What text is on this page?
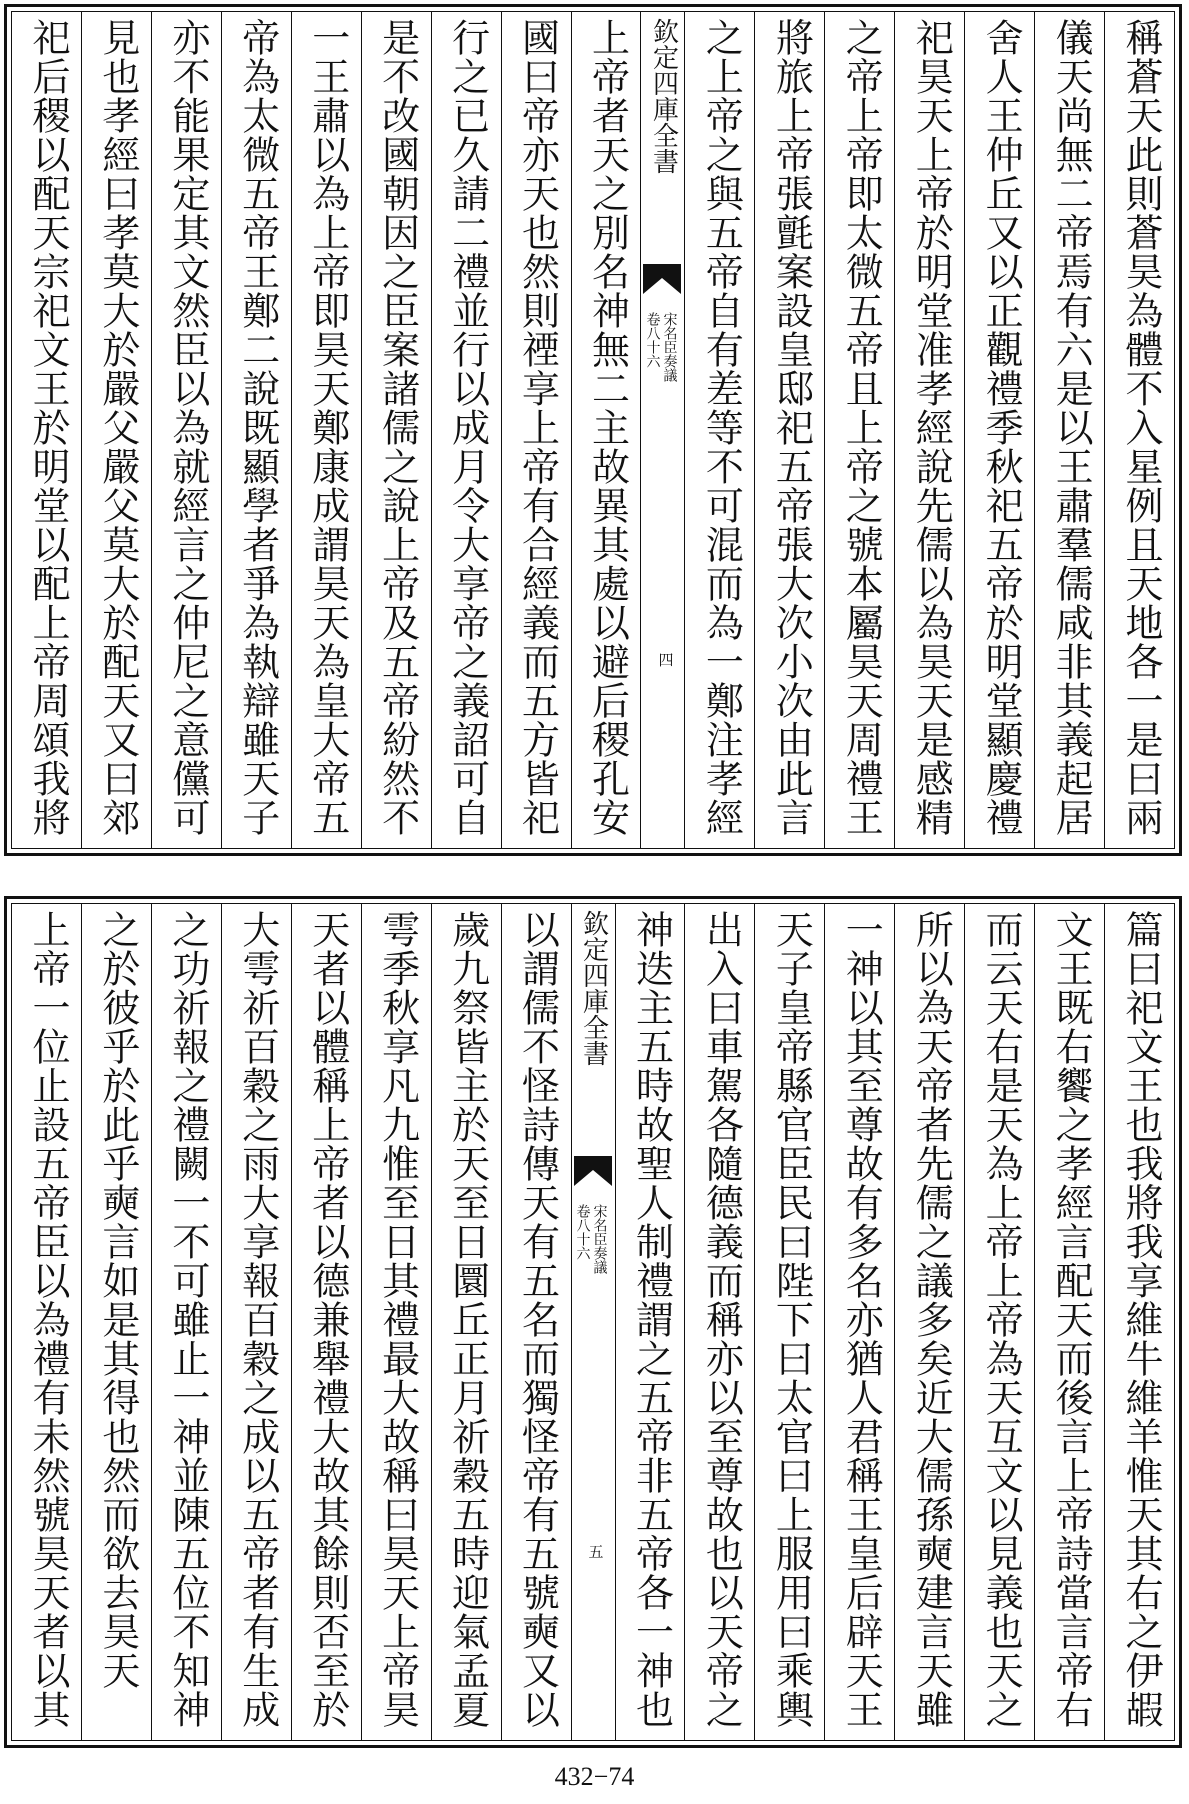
稱蒼天此則蒼昊為體不入星例且天地各一是曰兩
儀天尚無二帝焉有六是以王肅羣儒咸非其義起居
舍人王仲丘又以正觀禮季秋祀五帝於明堂顯慶禮
祀昊天上帝於明堂准孝經說先儒以為昊天是感精
之帝上帝即太微五帝且上帝之號本屬昊天周禮王
將旅上帝張氈案設皇邸祀五帝張大次小次由此言
之上帝之與五帝自有差等不可混而為一鄭注孝經
欽定四庫全書
宋名臣奏議
卷八十六
四
上帝者天之別名神無二主故異其處以避后稷孔安
國曰帝亦天也然則禋享上帝有合經義而五方皆祀
行之已久請二禮並行以成月令大享帝之義詔可自
是不改國朝因之臣案諸儒之說上帝及五帝紛然不
一王肅以為上帝即昊天鄭康成謂昊天為皇大帝五
帝為太微五帝王鄭二說既顯學者爭為執辯雖天子
亦不能果定其文然臣以為就經言之仲尼之意儻可
見也孝經曰孝莫大於嚴父嚴父莫大於配天又曰郊
祀后稷以配天宗祀文王於明堂以配上帝周頌我將
篇曰祀文王也我將我享維牛維羊惟天其右之伊嘏
文王既右饗之孝經言配天而後言上帝詩當言帝右
而云天右是天為上帝上帝為天互文以見義也天之
所以為天帝者先儒之議多矣近大儒孫奭建言天雖
一神以其至尊故有多名亦猶人君稱王皇后辟天王
天子皇帝縣官臣民曰陛下曰太官曰上服用曰乘輿
出入曰車駕各隨德義而稱亦以至尊故也以天帝之
神迭主五時故聖人制禮謂之五帝非五帝各一神也
欽定四庫全書
宋名臣奏議
卷八十六
五
以謂儒不怪詩傳天有五名而獨怪帝有五號奭又以
歲九祭皆主於天至日圜丘正月祈穀五時迎氣孟夏
雩季秋享凡九惟至日其禮最大故稱曰昊天上帝昊
天者以體稱上帝者以德兼舉禮大故其餘則否至於
大雩祈百穀之雨大享報百穀之成以五帝者有生成
之功祈報之禮闕一不可雖止一神並陳五位不知神
之於彼乎於此乎奭言如是其得也然而欲去昊天
上帝一位止設五帝臣以為禮有未然號昊天者以其
432−74
